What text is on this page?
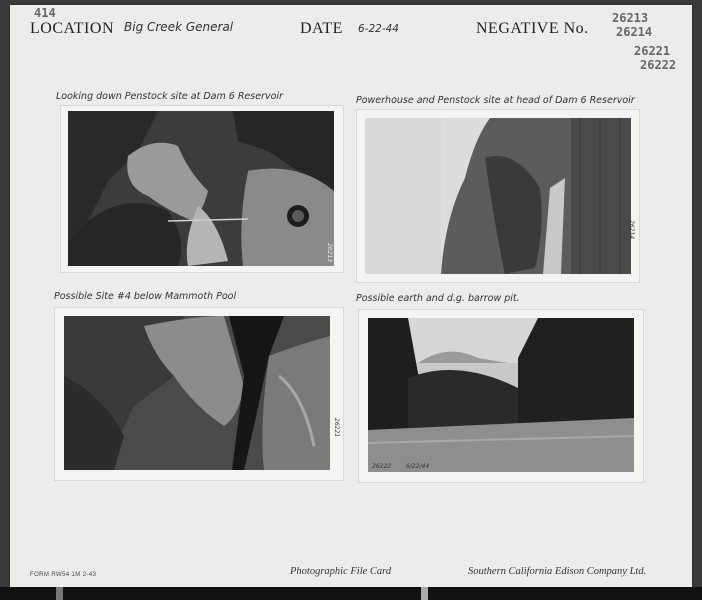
414
LOCATION Big Creek General	DATE 6-22-44	NEGATIVE No.
26213
26214
26221
26222
Looking down Penstock site at Dam 6 Reservoir
26213
Powerhouse and Penstock site at head of Dam 6 Reservoir
26214
Possible Site #4 below Mammoth Pool
26221
Possible earth and d.g. barrow pit.
26222 6/22/44
FORM RW54 1M 2-43	Photographic File Card	Southern California Edison Company Ltd.
